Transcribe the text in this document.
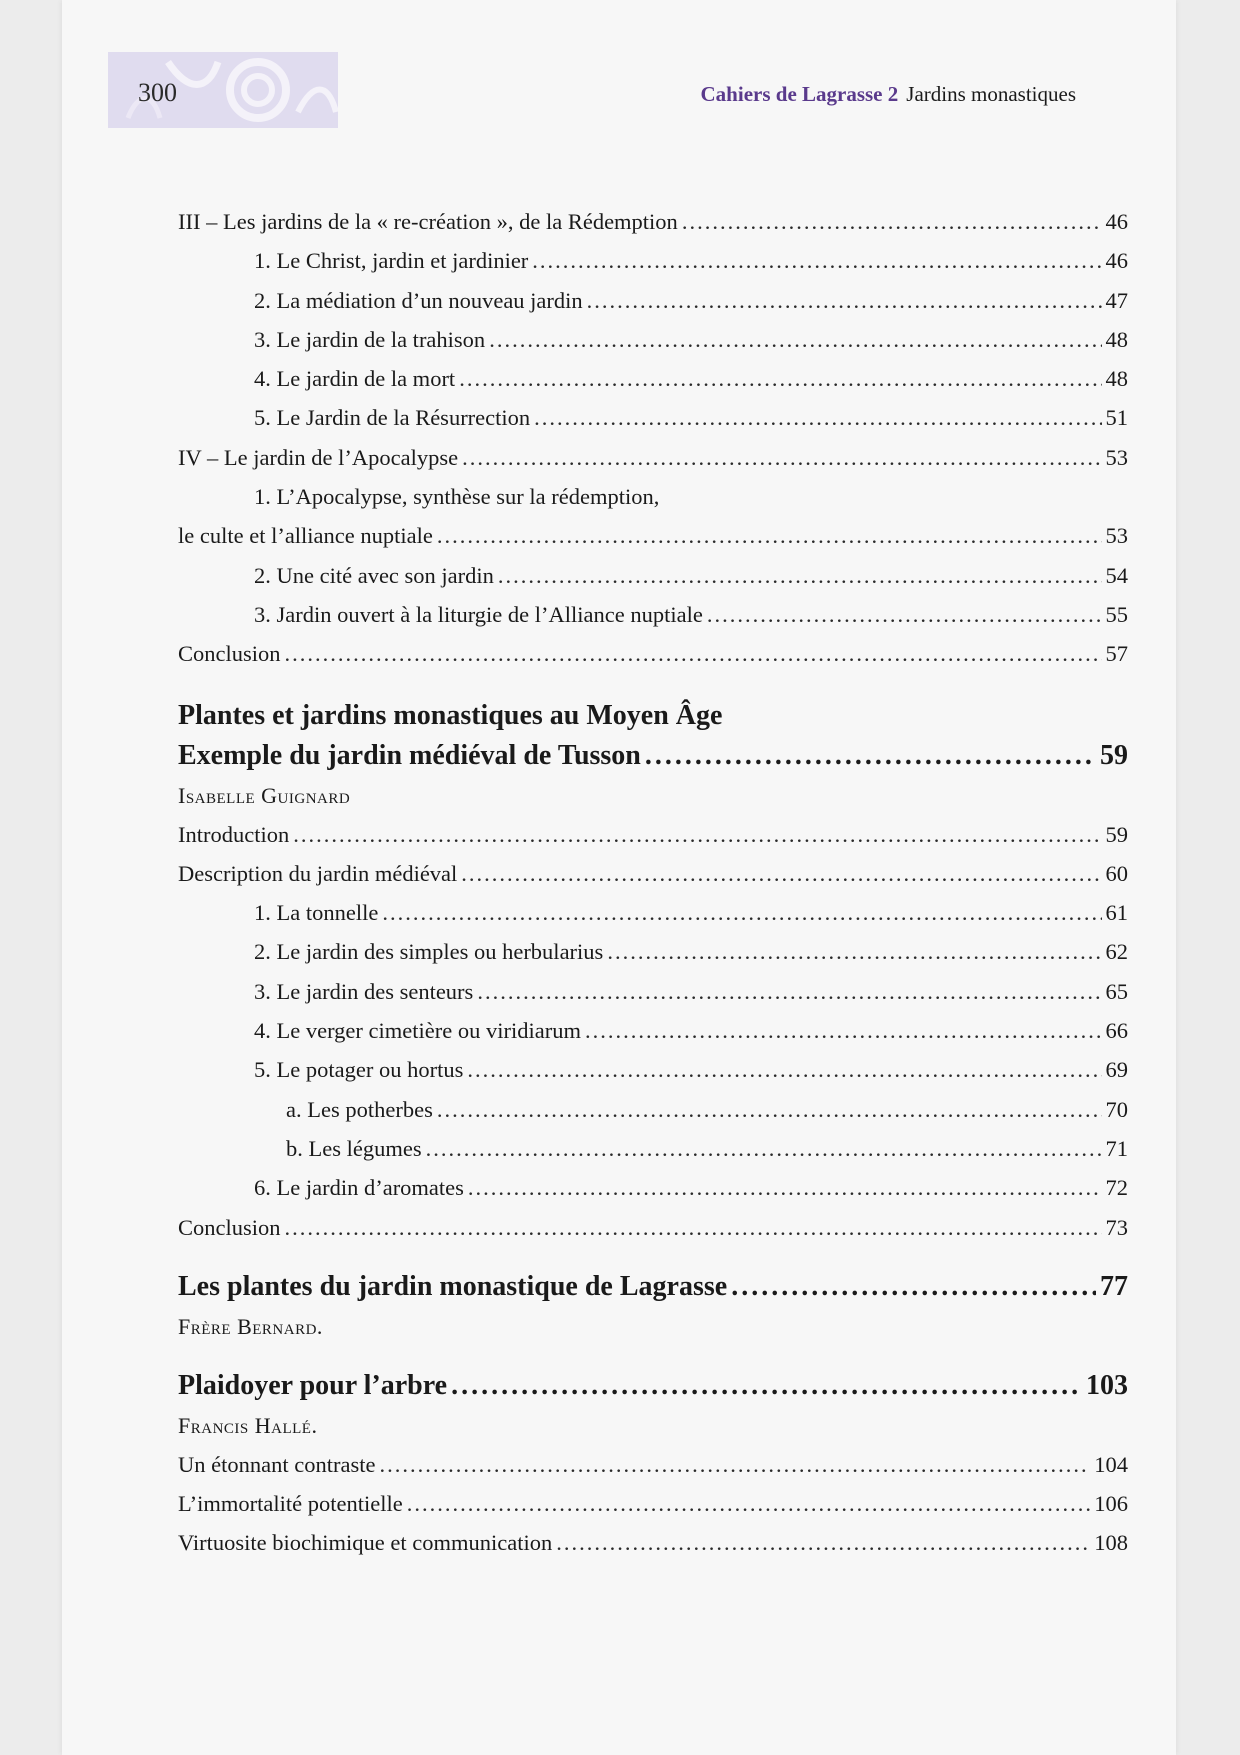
300	Cahiers de Lagrasse 2 Jardins monastiques
III – Les jardins de la « re-création », de la Rédemption .....	46
1. Le Christ, jardin et jardinier .....	46
2. La médiation d’un nouveau jardin .....	47
3. Le jardin de la trahison .....	48
4. Le jardin de la mort .....	48
5. Le Jardin de la Résurrection .....	51
IV – Le jardin de l’Apocalypse .....	53
1. L’Apocalypse, synthèse sur la rédemption,
le culte et l’alliance nuptiale .....	53
2. Une cité avec son jardin .....	54
3. Jardin ouvert à la liturgie de l’Alliance nuptiale .....	55
Conclusion .....	57
Plantes et jardins monastiques au Moyen Âge
Exemple du jardin médiéval de Tusson .....	59
Isabelle Guignard
Introduction .....	59
Description du jardin médiéval .....	60
1. La tonnelle .....	61
2. Le jardin des simples ou herbularius .....	62
3. Le jardin des senteurs .....	65
4. Le verger cimetière ou viridiarum .....	66
5. Le potager ou hortus .....	69
a. Les potherbes .....	70
b. Les légumes .....	71
6. Le jardin d’aromates .....	72
Conclusion .....	73
Les plantes du jardin monastique de Lagrasse .....	77
Frère Bernard.
Plaidoyer pour l’arbre .....	103
Francis Hallé.
Un étonnant contraste .....	104
L’immortalité potentielle .....	106
Virtuosite biochimique et communication .....	108
